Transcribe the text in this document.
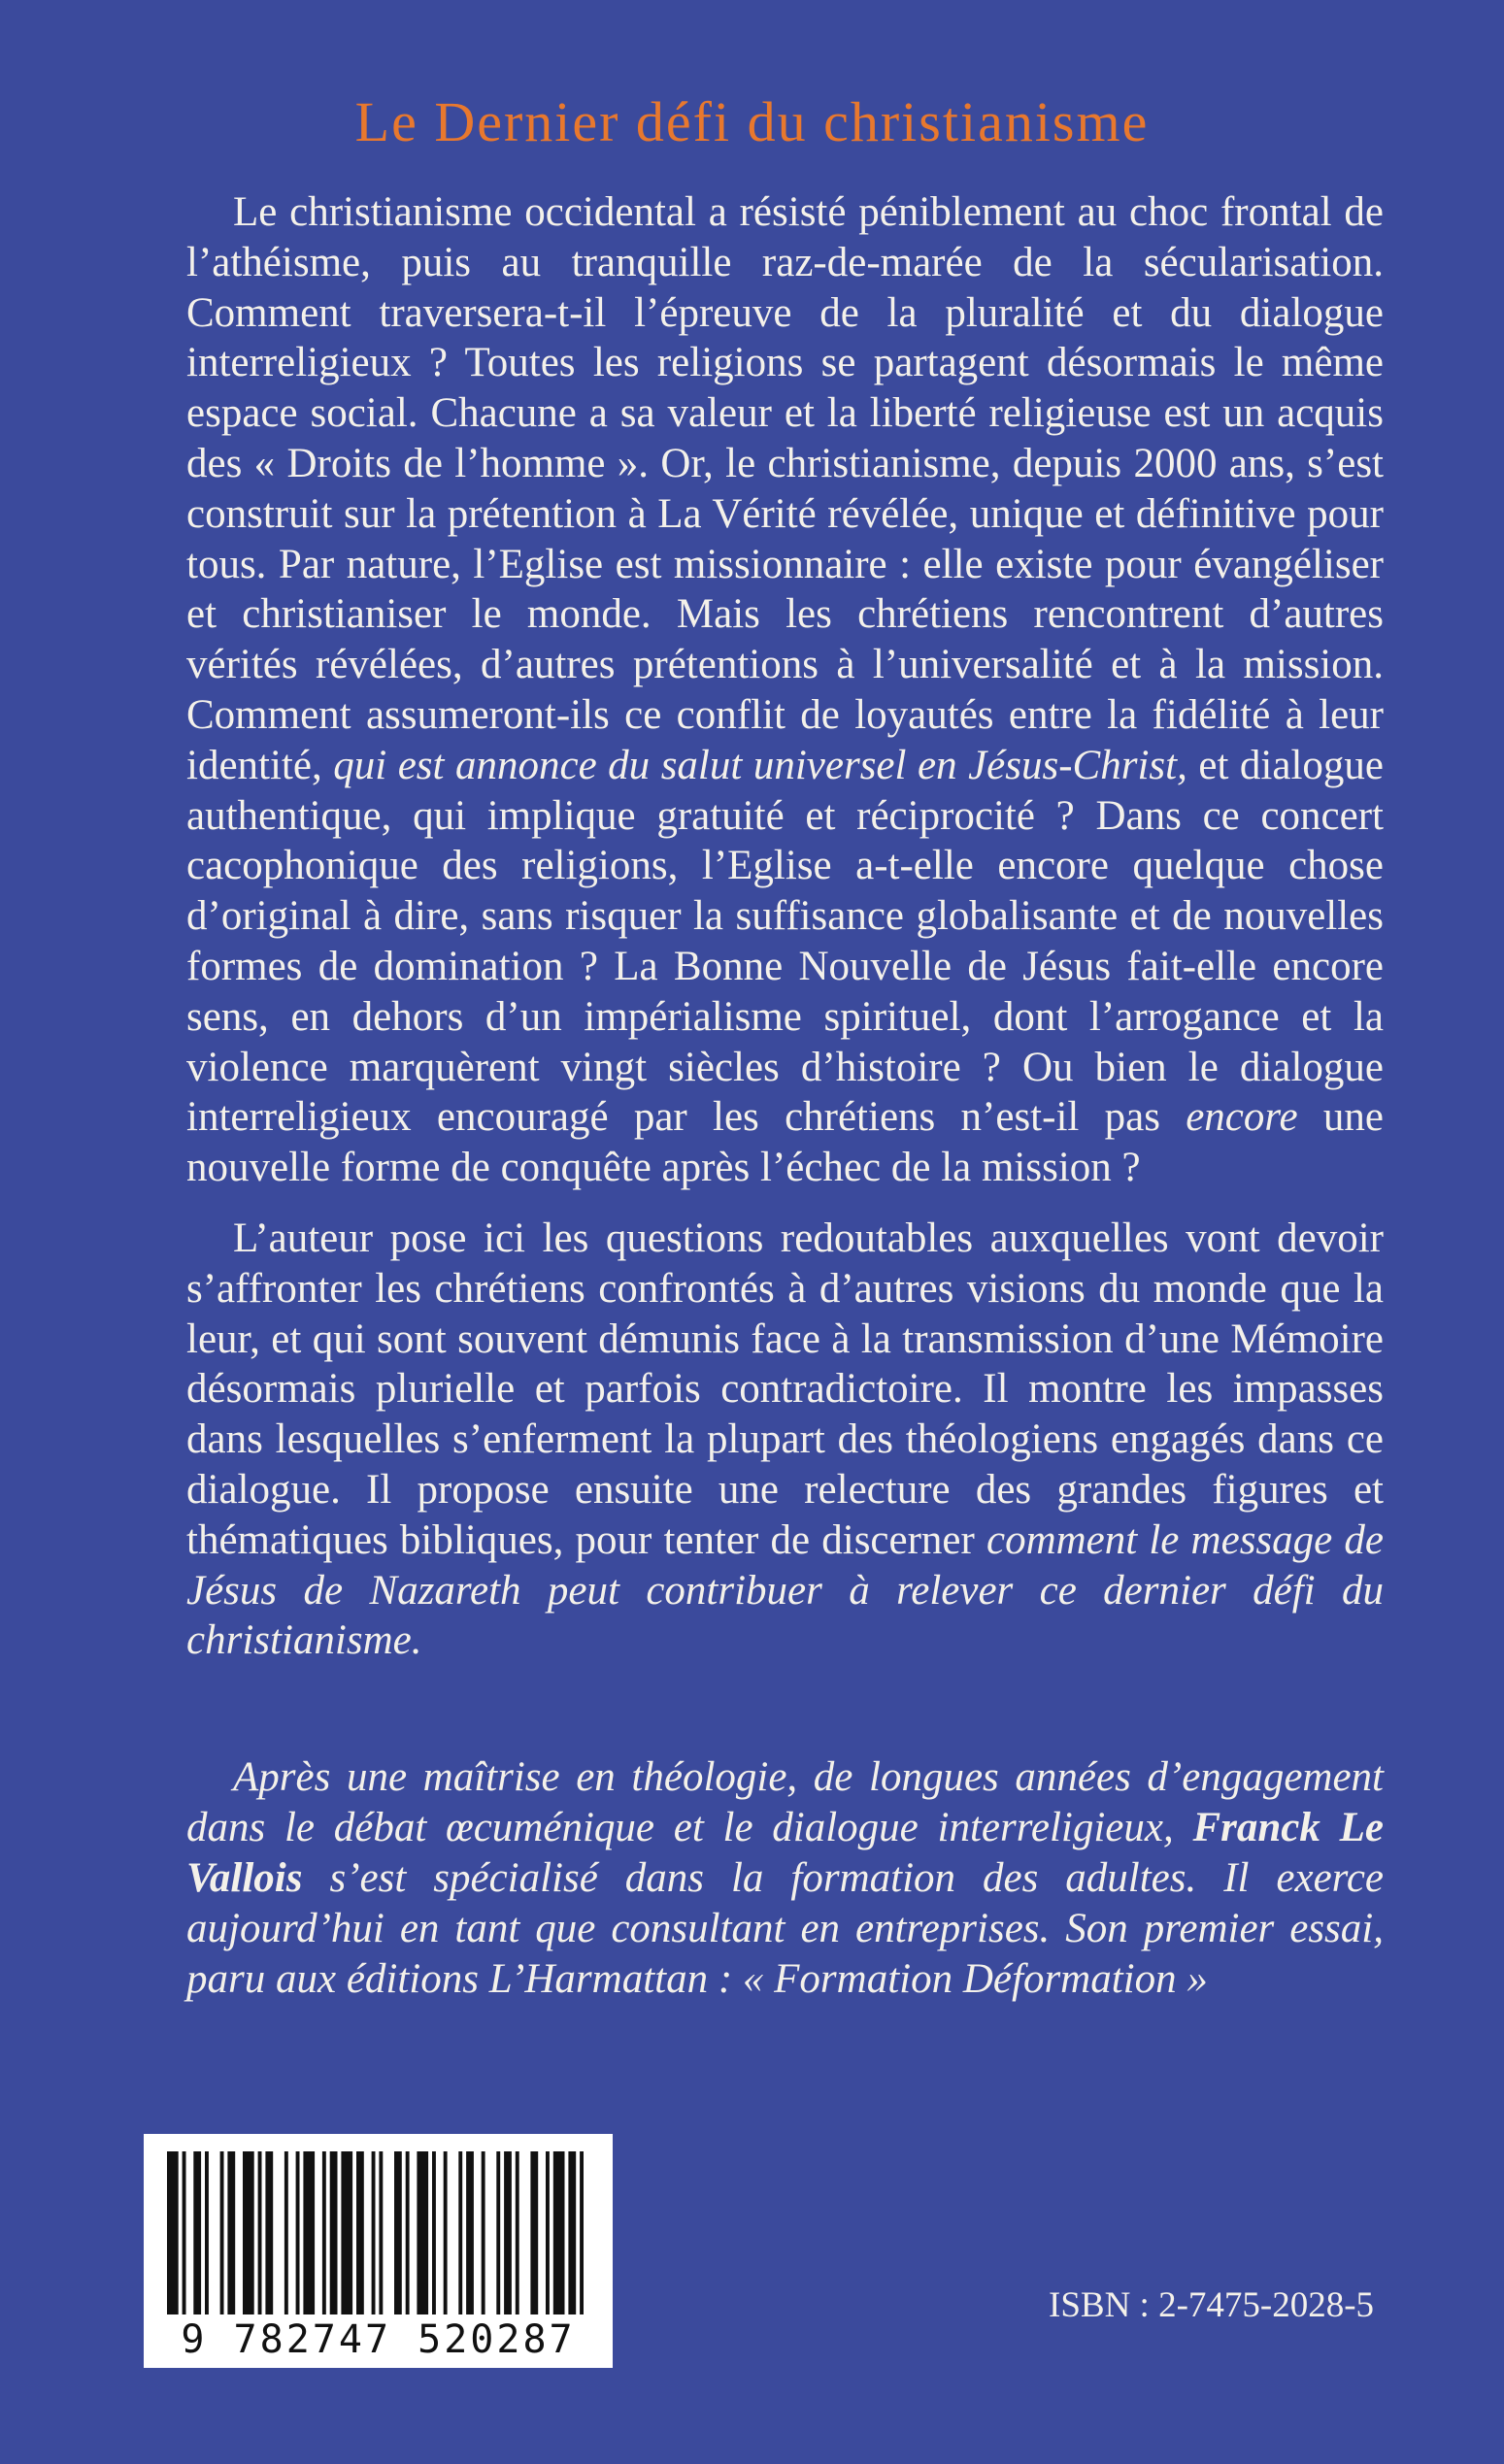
Le Dernier défi du christianisme

Le christianisme occidental a résisté péniblement au choc frontal de l’athéisme, puis au tranquille raz-de-marée de la sécularisation. Comment traversera-t-il l’épreuve de la pluralité et du dialogue interreligieux ? Toutes les religions se partagent désormais le même espace social. Chacune a sa valeur et la liberté religieuse est un acquis des « Droits de l’homme ». Or, le christianisme, depuis 2000 ans, s’est construit sur la prétention à La Vérité révélée, unique et définitive pour tous. Par nature, l’Eglise est missionnaire : elle existe pour évangéliser et christianiser le monde. Mais les chrétiens rencontrent d’autres vérités révélées, d’autres prétentions à l’universalité et à la mission. Comment assumeront-ils ce conflit de loyautés entre la fidélité à leur identité, qui est annonce du salut universel en Jésus-Christ, et dialogue authentique, qui implique gratuité et réciprocité ? Dans ce concert cacophonique des religions, l’Eglise a-t-elle encore quelque chose d’original à dire, sans risquer la suffisance globalisante et de nouvelles formes de domination ? La Bonne Nouvelle de Jésus fait-elle encore sens, en dehors d’un impérialisme spirituel, dont l’arrogance et la violence marquèrent vingt siècles d’histoire ? Ou bien le dialogue interreligieux encouragé par les chrétiens n’est-il pas encore une nouvelle forme de conquête après l’échec de la mission ?

L’auteur pose ici les questions redoutables auxquelles vont devoir s’affronter les chrétiens confrontés à d’autres visions du monde que la leur, et qui sont souvent démunis face à la transmission d’une Mémoire désormais plurielle et parfois contradictoire. Il montre les impasses dans lesquelles s’enferment la plupart des théologiens engagés dans ce dialogue. Il propose ensuite une relecture des grandes figures et thématiques bibliques, pour tenter de discerner comment le message de Jésus de Nazareth peut contribuer à relever ce dernier défi du christianisme.

Après une maîtrise en théologie, de longues années d’engagement dans le débat œcuménique et le dialogue interreligieux, Franck Le Vallois s’est spécialisé dans la formation des adultes. Il exerce aujourd’hui en tant que consultant en entreprises. Son premier essai, paru aux éditions L’Harmattan : « Formation Déformation »
9 782747 520287
ISBN : 2-7475-2028-5
